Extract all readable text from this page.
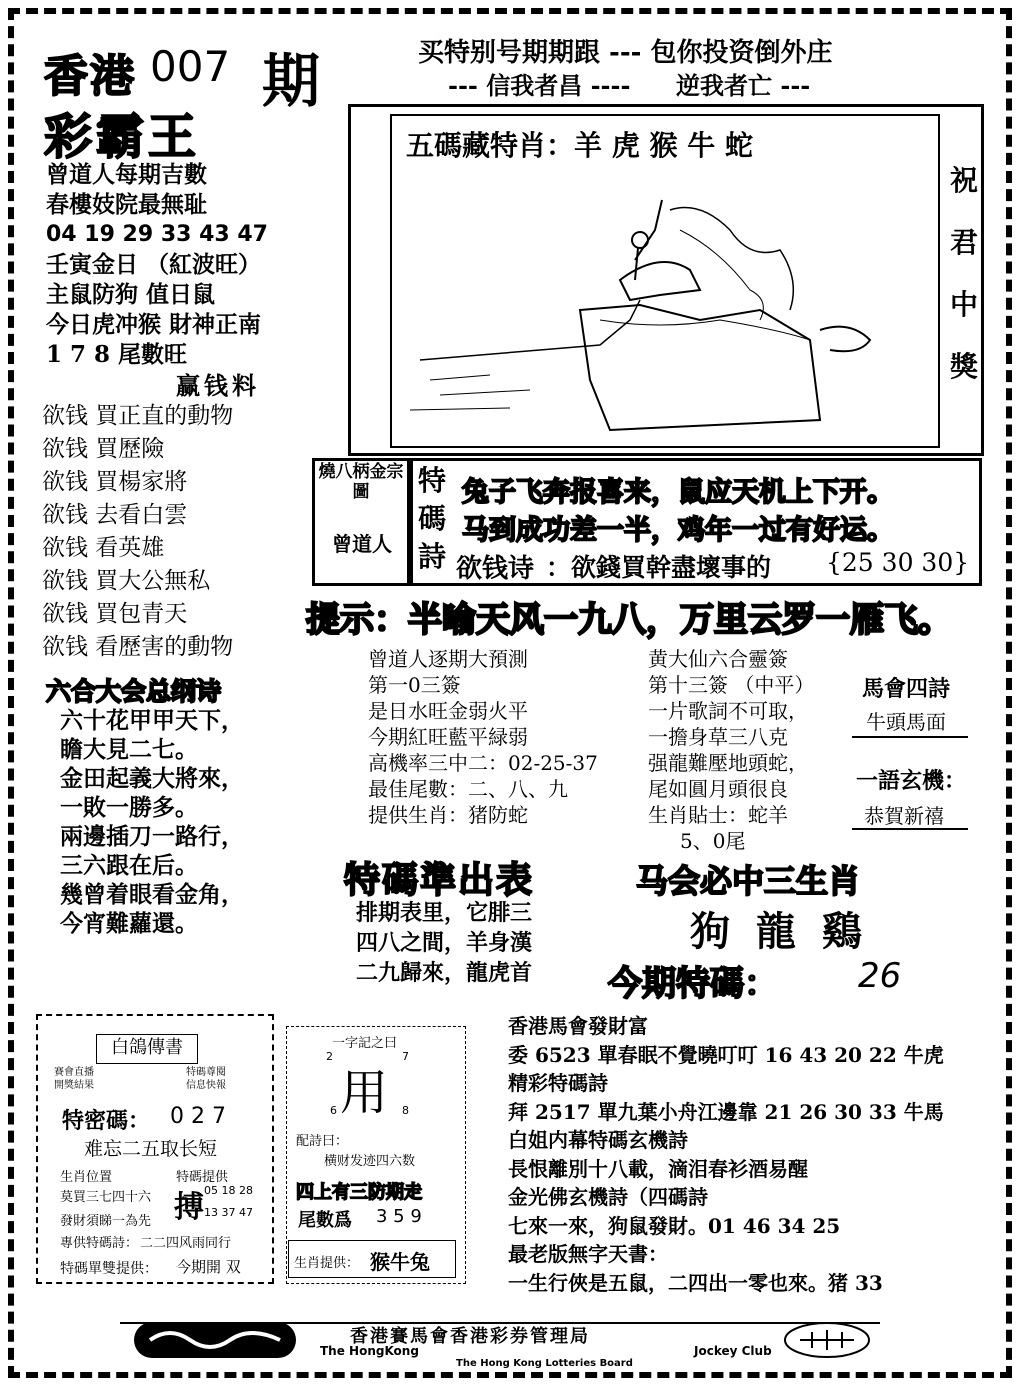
香港 007 期
彩霸王
买特别号期期跟 --- 包你投资倒外庄
--- 信我者昌 ---- 逆我者亡 ---
曾道人每期吉數
春樓妓院最無耻
04 19 29 33 43 47
壬寅金日 （紅波旺）
主鼠防狗 值日鼠
今日虎冲猴 財神正南
1 7 8 尾數旺
赢钱料
欲钱 買正直的動物
欲钱 買歷險
欲钱 買楊家將
欲钱 去看白雲
欲钱 看英雄
欲钱 買大公無私
欲钱 買包青天
欲钱 看歷害的動物
五碼藏特肖：羊 虎 猴 牛 蛇
祝
君
中
獎
燒八柄金宗圖
曾道人
特
碼
詩
兔子飞奔报喜来，鼠应天机上下开。
马到成功差一半，鸡年一过有好运。
欲钱诗 ：欲錢買幹盡壞事的 {25 30 30}
提示：半喻天风一九八，万里云罗一雁飞。
六合大会总纲诗
六十花甲甲天下，
瞻大見二七。
金田起義大將來，
一敗一勝多。
兩邊插刀一路行，
三六跟在后。
幾曾着眼看金角，
今宵難蘿還。
曾道人逐期大預測
第一0三簽
是日水旺金弱火平
今期紅旺藍平緑弱
高機率三中二：02-25-37
最佳尾數：二、八、九
提供生肖：猪防蛇
黄大仙六合靈簽
第十三簽 （中平）
一片歌詞不可取，
一擔身草三八克
强龍難壓地頭蛇，
尾如圓月頭很良
生肖貼士：蛇羊
5、0尾
馬會四詩
牛頭馬面
一語玄機：
恭賀新禧
特碼準出表
排期表里，它腓三
四八之間，羊身漢
二九歸來，龍虎首
马会必中三生肖
狗 龍 鷄
今期特碼： 26
白鴿傳書
賽會直播 開獎結果
特碼尊閱 信息快報
特密碼： 0 2 7
难忘二五取长短
生肖位置
莫買三七四十六
發財須睇一為先
特碼提供
搏 05 18 28
13 37 47
專供特碼詩： 二二四风雨同行
特碼單雙提供： 今期開 双
一字記之曰
2	7
用
6	8
配詩曰：
横财发迹四六数
四上有三防期走
尾數爲 3 5 9
生肖提供： 猴牛兔
香港馬會發財富
委 6523 單春眠不覺曉叮叮 16 43 20 22 牛虎
精彩特碼詩
拜 2517 單九葉小舟江邊靠 21 26 30 33 牛馬
白姐内幕特碼玄機詩
長恨離別十八載，滴泪春衫酒易醒
金光佛玄機詩（四碼詩
七來一來，狗鼠發財。01 46 34 25
最老版無字天書：
一生行俠是五鼠，二四出一零也來。猪 33
香港賽馬會香港彩券管理局
The HongKong	Jockey Club
The Hong Kong Lotteries Board
